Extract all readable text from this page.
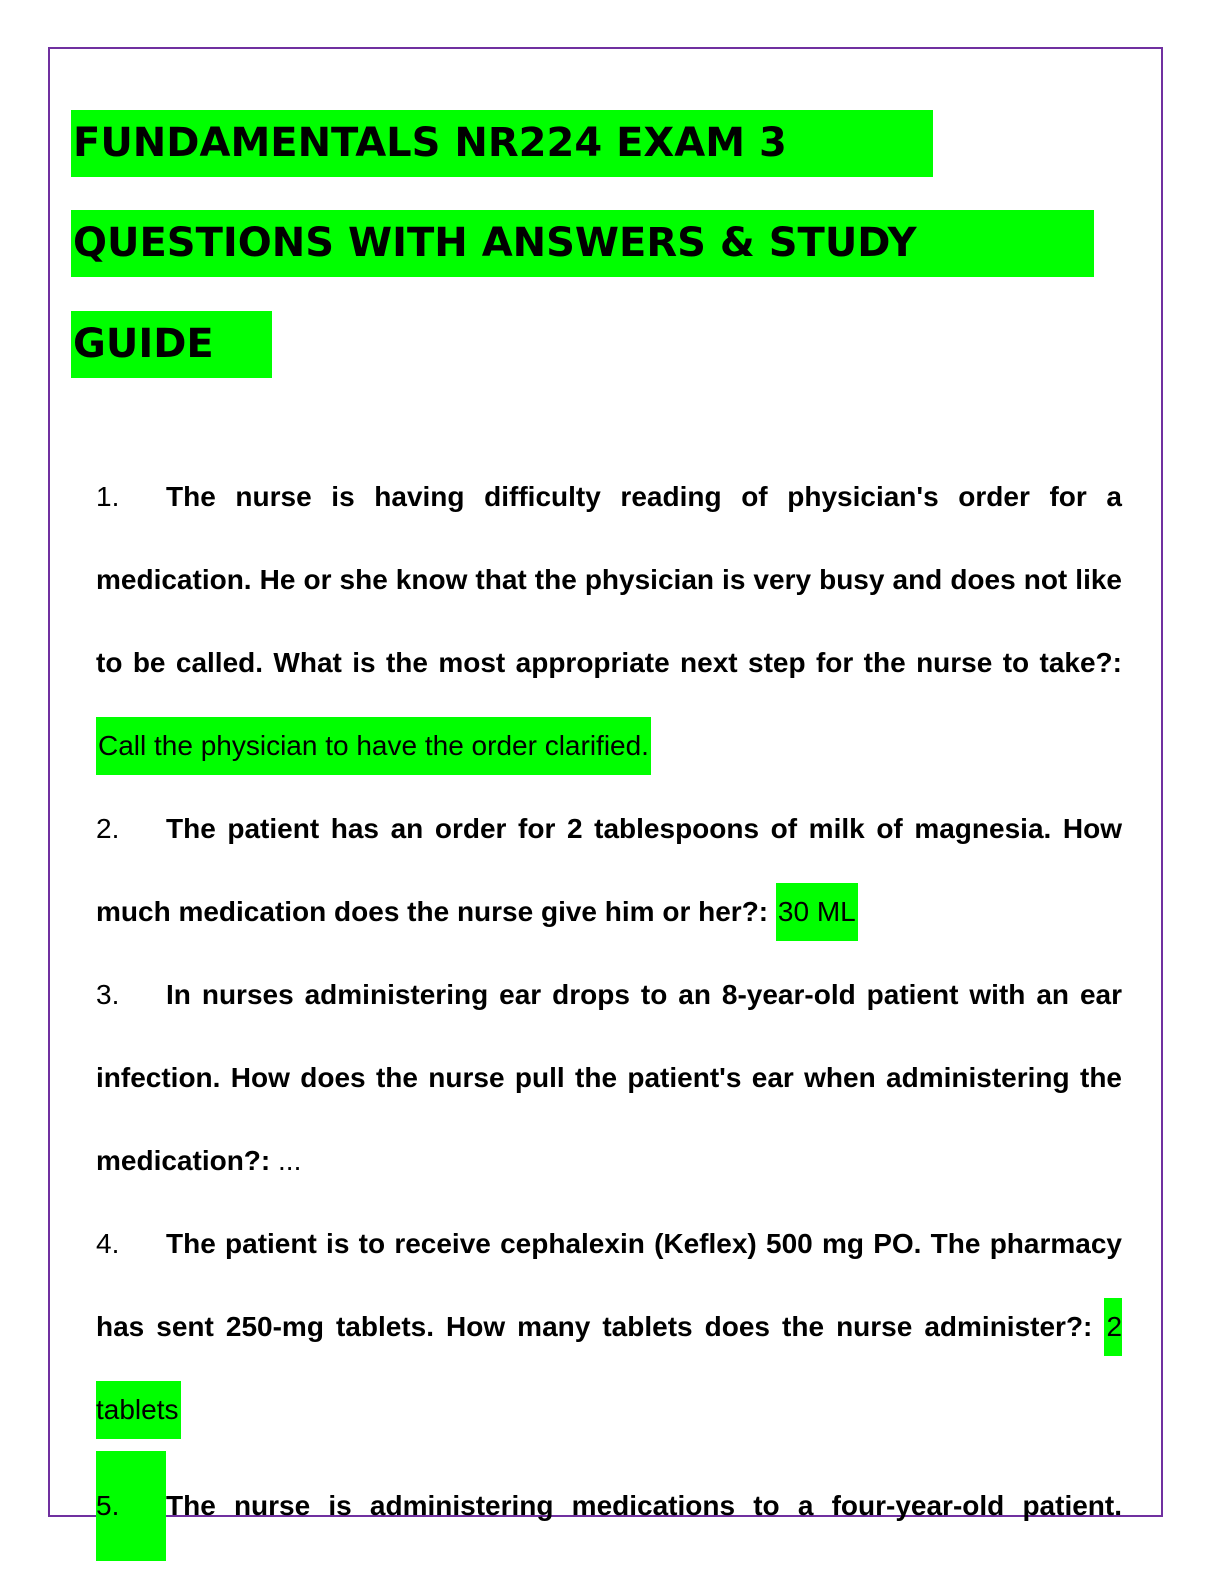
FUNDAMENTALS NR224 EXAM 3
QUESTIONS WITH ANSWERS & STUDY
GUIDE
1. The nurse is having difficulty reading of physician's order for a medication. He or she know that the physician is very busy and does not like to be called. What is the most appropriate next step for the nurse to take?: Call the physician to have the order clarified.
2. The patient has an order for 2 tablespoons of milk of magnesia. How much medication does the nurse give him or her?: 30 ML
3. In nurses administering ear drops to an 8-year-old patient with an ear infection. How does the nurse pull the patient's ear when administering the medication?: ...
4. The patient is to receive cephalexin (Keflex) 500 mg PO. The pharmacy has sent 250-mg tablets. How many tablets does the nurse administer?: 2 tablets
5. The nurse is administering medications to a four-year-old patient.
